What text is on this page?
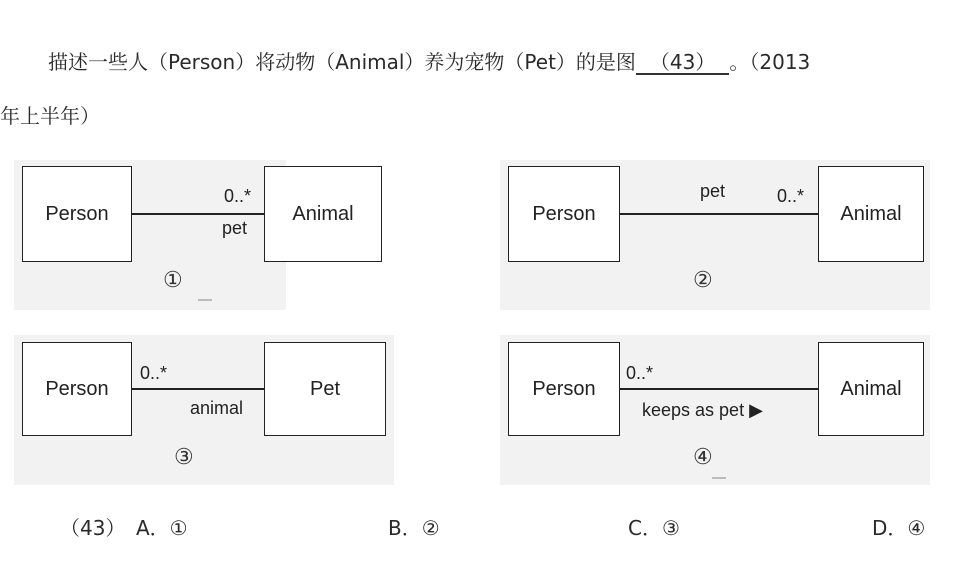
描述一些人（Person）将动物（Animal）养为宠物（Pet）的是图 （43） 。（2013
年上半年）
Person	Animal
0..*
pet
①
Person	Animal
pet	0..*
②
Person	Pet
0..*
animal
③
Person	Animal
0..*
keeps as pet ▶
④
（43） A．①	B．②	C．③	D．④
